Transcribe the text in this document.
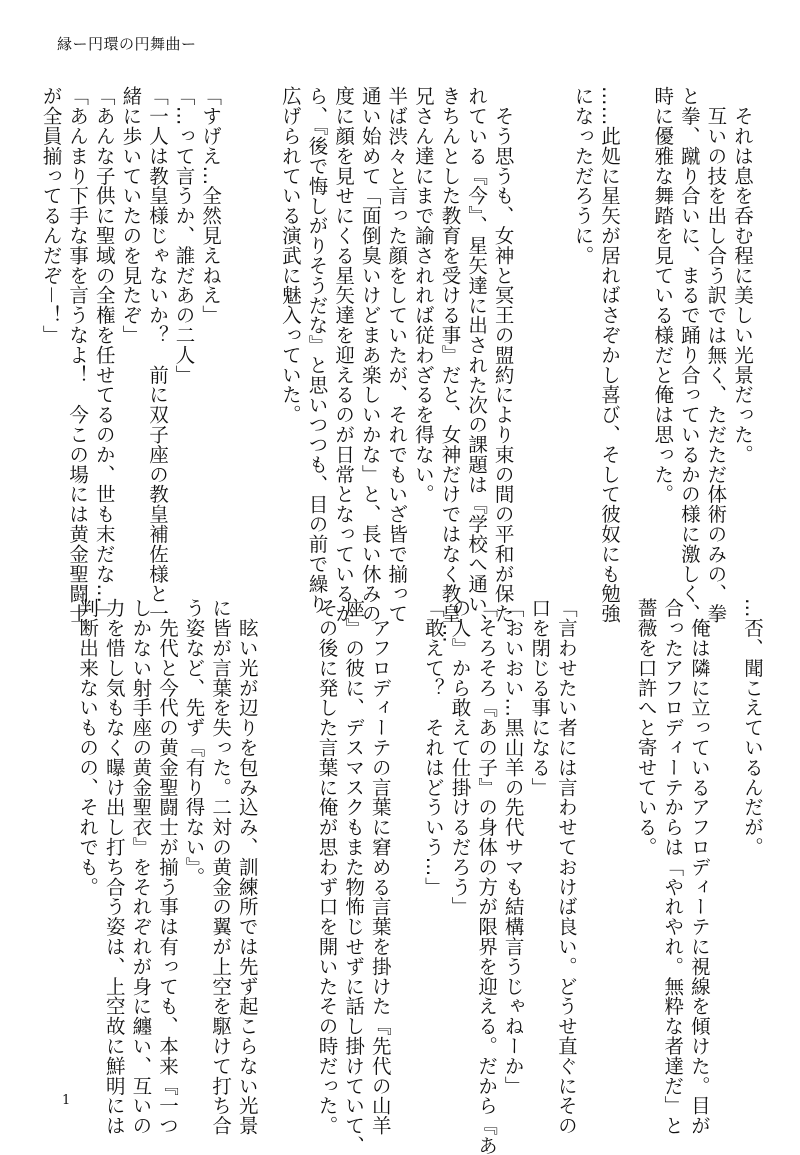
縁ー円環の円舞曲ー
　それは息を呑む程に美しい光景だった。
　互いの技を出し合う訳では無く、ただただ体術のみの、拳
と拳、蹴り合いに、まるで踊り合っているかの様に激しく、
時に優雅な舞踏を見ている様だと俺は思った。

……此処に星矢が居ればさぞかし喜び、そして彼奴にも勉強
になっただろうに。

　そう思うも、女神と冥王の盟約により束の間の平和が保た
れている『今』、星矢達に出された次の課題は『学校へ通い、
きちんとした教育を受ける事』だと、女神だけではなく教皇…
兄さん達にまで諭されれば従わざるを得ない。
半ば渋々と言った顔をしていたが、それでもいざ皆で揃って
通い始めて「面倒臭いけどまあ楽しいかな」と、長い休みの
度に顔を見せにくる星矢達を迎えるのが日常となっているか
ら、『後で悔しがりそうだな』と思いつつも、目の前で繰り
広げられている演武に魅入っていた。

「すげえ…全然見えねえ」
「…って言うか、誰だあの二人」
「一人は教皇様じゃないか？　前に双子座の教皇補佐様と一
緒に歩いていたのを見たぞ」
「あんな子供に聖域の全権を任せてるのか、世も末だな…」
「あんまり下手な事を言うなよ！　今この場には黄金聖闘士
が全員揃ってるんだぞ－！」
…否、聞こえているんだが。

　俺は隣に立っているアフロディーテに視線を傾けた。目が
合ったアフロディーテからは「やれやれ。無粋な者達だ」と
薔薇を口許へと寄せている。

「言わせたい者には言わせておけば良い。どうせ直ぐにその
口を閉じる事になる」
「おいおい…黒山羊の先代サマも結構言うじゃねーか」
「そろそろ『あの子』の身体の方が限界を迎える。だから『あ
の人』から敢えて仕掛けるだろう」
「敢えて？　それはどういう…」

　アフロディーテの言葉に窘める言葉を掛けた『先代の山羊
座』の彼に、デスマスクもまた物怖じせずに話し掛けていて、
その後に発した言葉に俺が思わず口を開いたその時だった。

　眩い光が辺りを包み込み、訓練所では先ず起こらない光景
に皆が言葉を失った。二対の黄金の翼が上空を駆けて打ち合
う姿など、先ず『有り得ない』。
　先代と今代の黄金聖闘士が揃う事は有っても、本来『一つ
しかない射手座の黄金聖衣』をそれぞれが身に纏い、互いの
力を惜し気もなく曝け出し打ち合う姿は、上空故に鮮明には
判断出来ないものの、それでも。
1
